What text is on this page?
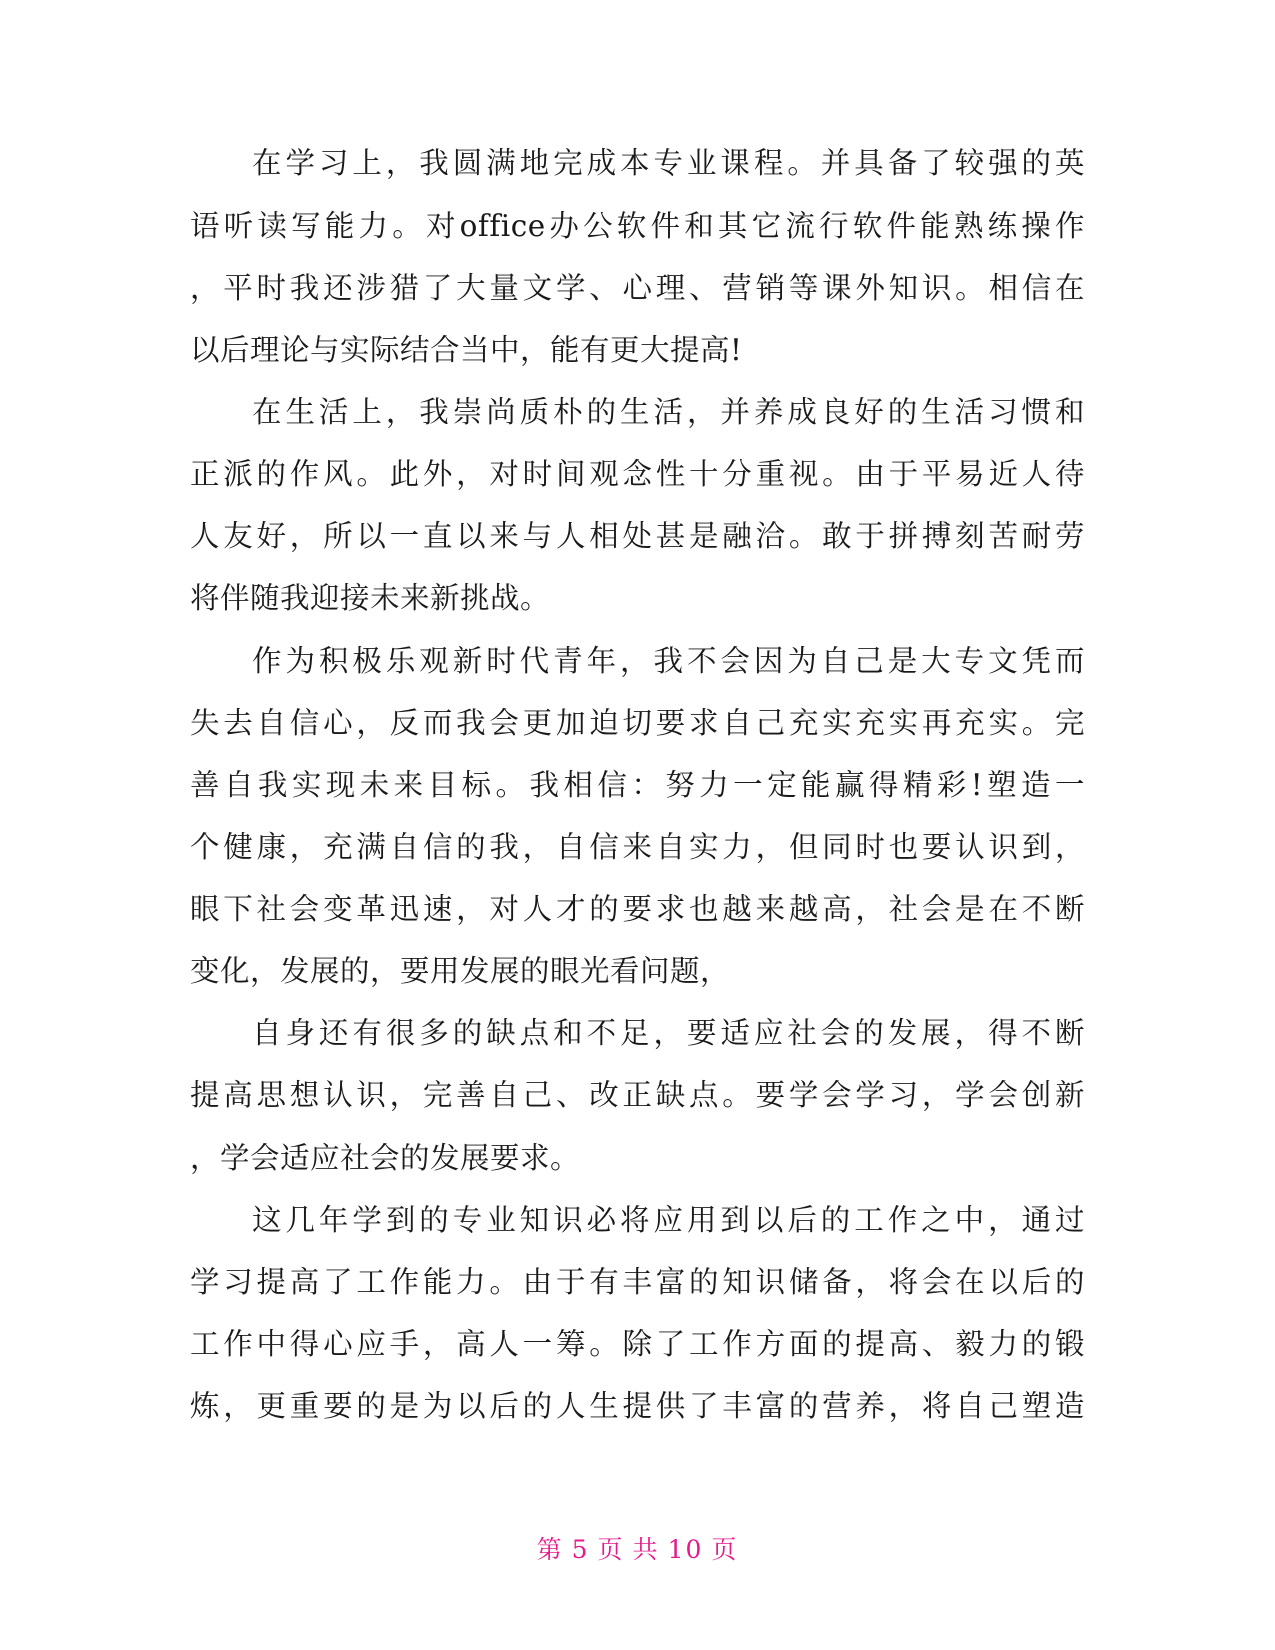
在学习上，我圆满地完成本专业课程。并具备了较强的英
语听读写能力。对office办公软件和其它流行软件能熟练操作
，平时我还涉猎了大量文学、心理、营销等课外知识。相信在
以后理论与实际结合当中，能有更大提高!
在生活上，我崇尚质朴的生活，并养成良好的生活习惯和
正派的作风。此外，对时间观念性十分重视。由于平易近人待
人友好，所以一直以来与人相处甚是融洽。敢于拼搏刻苦耐劳
将伴随我迎接未来新挑战。
作为积极乐观新时代青年，我不会因为自己是大专文凭而
失去自信心，反而我会更加迫切要求自己充实充实再充实。完
善自我实现未来目标。我相信：努力一定能赢得精彩!塑造一
个健康，充满自信的我，自信来自实力，但同时也要认识到，
眼下社会变革迅速，对人才的要求也越来越高，社会是在不断
变化，发展的，要用发展的眼光看问题，
自身还有很多的缺点和不足，要适应社会的发展，得不断
提高思想认识，完善自己、改正缺点。要学会学习，学会创新
，学会适应社会的发展要求。
这几年学到的专业知识必将应用到以后的工作之中，通过
学习提高了工作能力。由于有丰富的知识储备，将会在以后的
工作中得心应手，高人一筹。除了工作方面的提高、毅力的锻
炼，更重要的是为以后的人生提供了丰富的营养，将自己塑造
第 5 页 共 10 页
